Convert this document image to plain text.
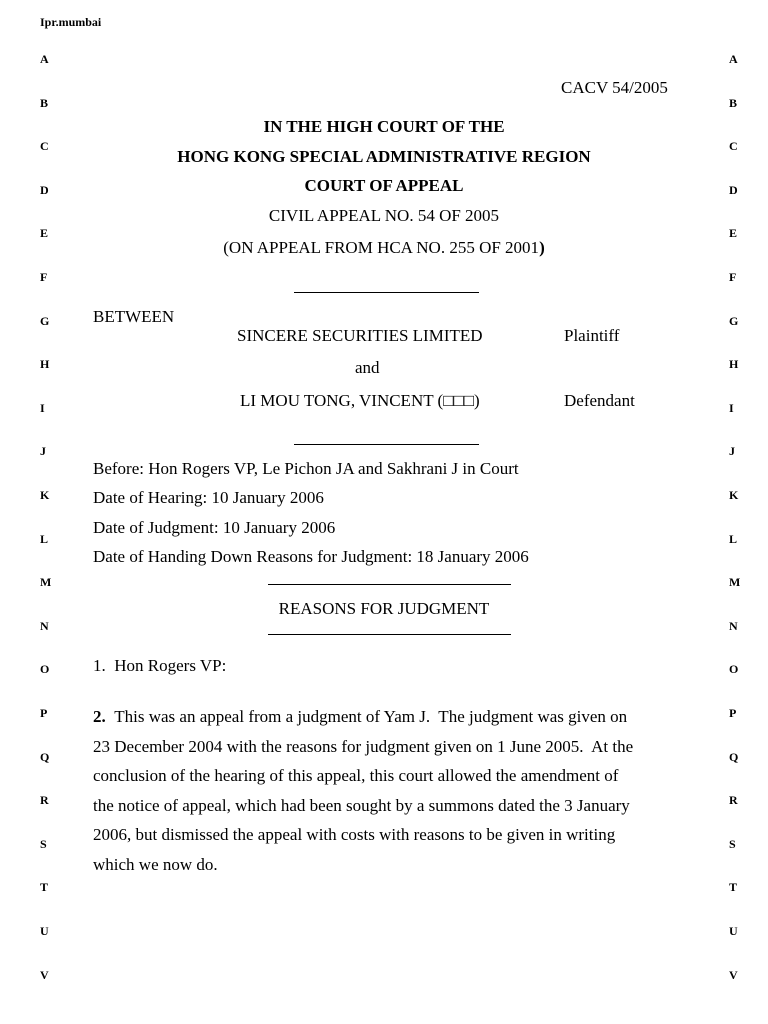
Ipr.mumbai
A
B
C
D
E
F
G
H
I
J
K
L
M
N
O
P
Q
R
S
T
U
V
A
B
C
D
E
F
G
H
I
J
K
L
M
N
O
P
Q
R
S
T
U
V
CACV 54/2005
IN THE HIGH COURT OF THE
HONG KONG SPECIAL ADMINISTRATIVE REGION
COURT OF APPEAL
CIVIL APPEAL NO. 54 OF 2005
(ON APPEAL FROM HCA NO. 255 OF 2001)
BETWEEN
SINCERE SECURITIES LIMITED	Plaintiff
and
LI MOU TONG, VINCENT (□□□)	Defendant
Before: Hon Rogers VP, Le Pichon JA and Sakhrani J in Court
Date of Hearing: 10 January 2006
Date of Judgment: 10 January 2006
Date of Handing Down Reasons for Judgment: 18 January 2006
REASONS FOR JUDGMENT
1.  Hon Rogers VP:
2. This was an appeal from a judgment of Yam J.  The judgment was given on
23 December 2004 with the reasons for judgment given on 1 June 2005.  At the
conclusion of the hearing of this appeal, this court allowed the amendment of
the notice of appeal, which had been sought by a summons dated the 3 January
2006, but dismissed the appeal with costs with reasons to be given in writing
which we now do.
